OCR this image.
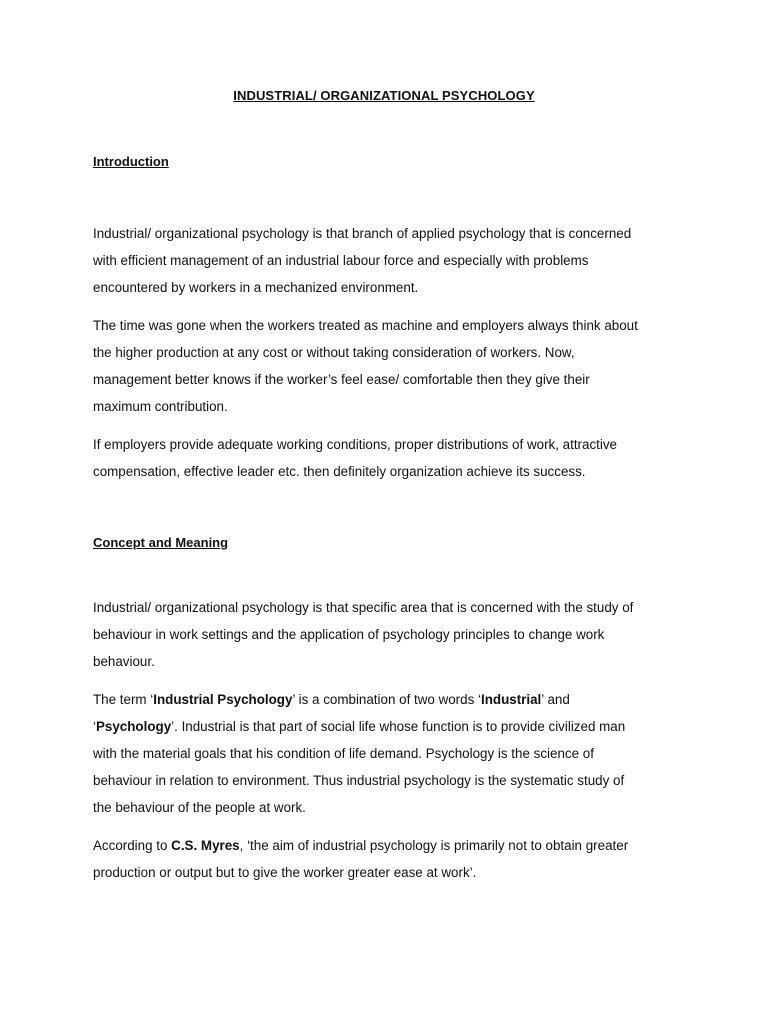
INDUSTRIAL/ ORGANIZATIONAL PSYCHOLOGY
Introduction
Industrial/ organizational psychology is that branch of applied psychology that is concerned
with efficient management of an industrial labour force and especially with problems
encountered by workers in a mechanized environment.
The time was gone when the workers treated as machine and employers always think about
the higher production at any cost or without taking consideration of workers. Now,
management better knows if the worker’s feel ease/ comfortable then they give their
maximum contribution.
If employers provide adequate working conditions, proper distributions of work, attractive
compensation, effective leader etc. then definitely organization achieve its success.
Concept and Meaning
Industrial/ organizational psychology is that specific area that is concerned with the study of
behaviour in work settings and the application of psychology principles to change work
behaviour.
The term ‘Industrial Psychology’ is a combination of two words ‘Industrial’ and
‘Psychology’. Industrial is that part of social life whose function is to provide civilized man
with the material goals that his condition of life demand. Psychology is the science of
behaviour in relation to environment. Thus industrial psychology is the systematic study of
the behaviour of the people at work.
According to C.S. Myres, ‘the aim of industrial psychology is primarily not to obtain greater
production or output but to give the worker greater ease at work’.
